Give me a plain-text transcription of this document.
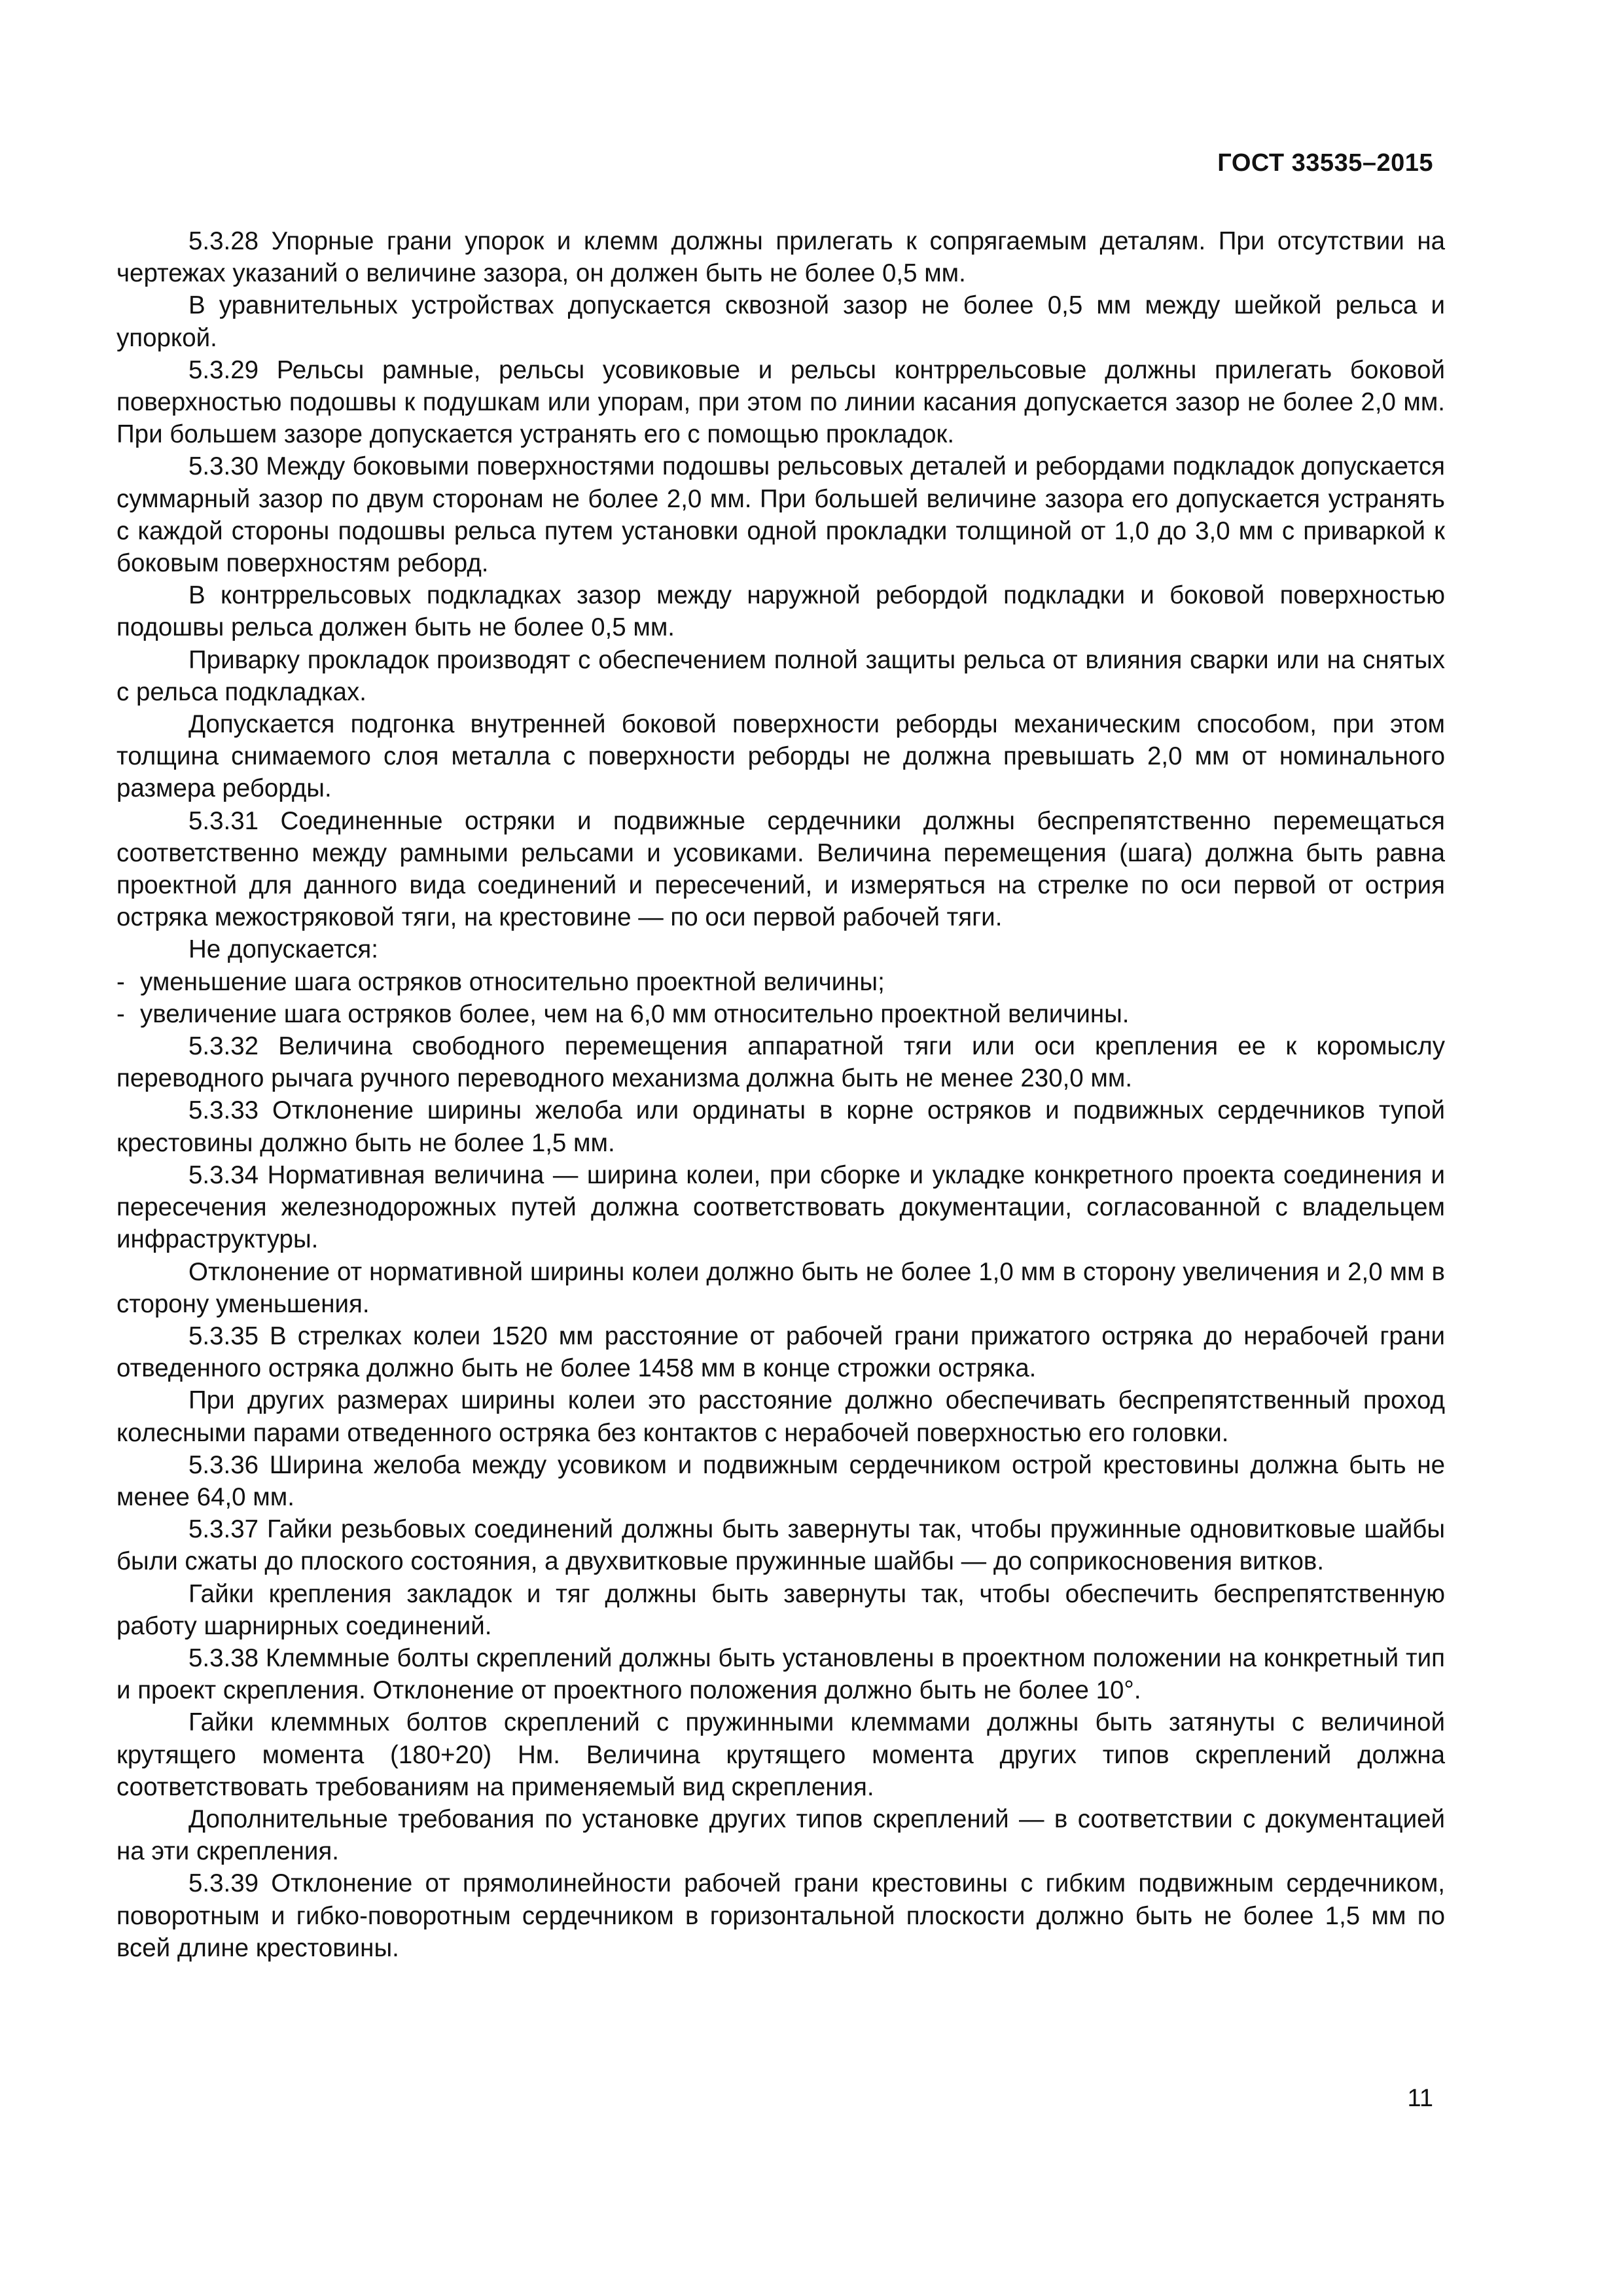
ГОСТ 33535–2015

5.3.28 Упорные грани упорок и клемм должны прилегать к сопрягаемым деталям. При отсутствии на чертежах указаний о величине зазора, он должен быть не более 0,5 мм.

В уравнительных устройствах допускается сквозной зазор не более 0,5 мм между шейкой рельса и упоркой.

5.3.29 Рельсы рамные, рельсы усовиковые и рельсы контррельсовые должны прилегать боковой поверхностью подошвы к подушкам или упорам, при этом по линии касания допускается зазор не более 2,0 мм. При большем зазоре допускается устранять его с помощью прокладок.

5.3.30 Между боковыми поверхностями подошвы рельсовых деталей и ребордами подкладок допускается суммарный зазор по двум сторонам не более 2,0 мм. При большей величине зазора его допускается устранять с каждой стороны подошвы рельса путем установки одной прокладки толщиной от 1,0 до 3,0 мм с приваркой к боковым поверхностям реборд.

В контррельсовых подкладках зазор между наружной ребордой подкладки и боковой поверхностью подошвы рельса должен быть не более 0,5 мм.

Приварку прокладок производят с обеспечением полной защиты рельса от влияния сварки или на снятых с рельса подкладках.

Допускается подгонка внутренней боковой поверхности реборды механическим способом, при этом толщина снимаемого слоя металла с поверхности реборды не должна превышать 2,0 мм от номинального размера реборды.

5.3.31 Соединенные остряки и подвижные сердечники должны беспрепятственно перемещаться соответственно между рамными рельсами и усовиками. Величина перемещения (шага) должна быть равна проектной для данного вида соединений и пересечений, и измеряться на стрелке по оси первой от острия остряка межостряковой тяги, на крестовине — по оси первой рабочей тяги.

Не допускается:

- уменьшение шага остряков относительно проектной величины;

- увеличение шага остряков более, чем на 6,0 мм относительно проектной величины.

5.3.32 Величина свободного перемещения аппаратной тяги или оси крепления ее к коромыслу переводного рычага ручного переводного механизма должна быть не менее 230,0 мм.

5.3.33 Отклонение ширины желоба или ординаты в корне остряков и подвижных сердечников тупой крестовины должно быть не более 1,5 мм.

5.3.34 Нормативная величина — ширина колеи, при сборке и укладке конкретного проекта соединения и пересечения железнодорожных путей должна соответствовать документации, согласованной с владельцем инфраструктуры.

Отклонение от нормативной ширины колеи должно быть не более 1,0 мм в сторону увеличения и 2,0 мм в сторону уменьшения.

5.3.35 В стрелках колеи 1520 мм расстояние от рабочей грани прижатого остряка до нерабочей грани отведенного остряка должно быть не более 1458 мм в конце строжки остряка.

При других размерах ширины колеи это расстояние должно обеспечивать беспрепятственный проход колесными парами отведенного остряка без контактов с нерабочей поверхностью его головки.

5.3.36 Ширина желоба между усовиком и подвижным сердечником острой крестовины должна быть не менее 64,0 мм.

5.3.37 Гайки резьбовых соединений должны быть завернуты так, чтобы пружинные одновитковые шайбы были сжаты до плоского состояния, а двухвитковые пружинные шайбы — до соприкосновения витков.

Гайки крепления закладок и тяг должны быть завернуты так, чтобы обеспечить беспрепятственную работу шарнирных соединений.

5.3.38 Клеммные болты скреплений должны быть установлены в проектном положении на конкретный тип и проект скрепления. Отклонение от проектного положения должно быть не более 10°.

Гайки клеммных болтов скреплений с пружинными клеммами должны быть затянуты с величиной крутящего момента (180+20) Нм. Величина крутящего момента других типов скреплений должна соответствовать требованиям на применяемый вид скрепления.

Дополнительные требования по установке других типов скреплений — в соответствии с документацией на эти скрепления.

5.3.39 Отклонение от прямолинейности рабочей грани крестовины с гибким подвижным сердечником, поворотным и гибко-поворотным сердечником в горизонтальной плоскости должно быть не более 1,5 мм по всей длине крестовины.

11
